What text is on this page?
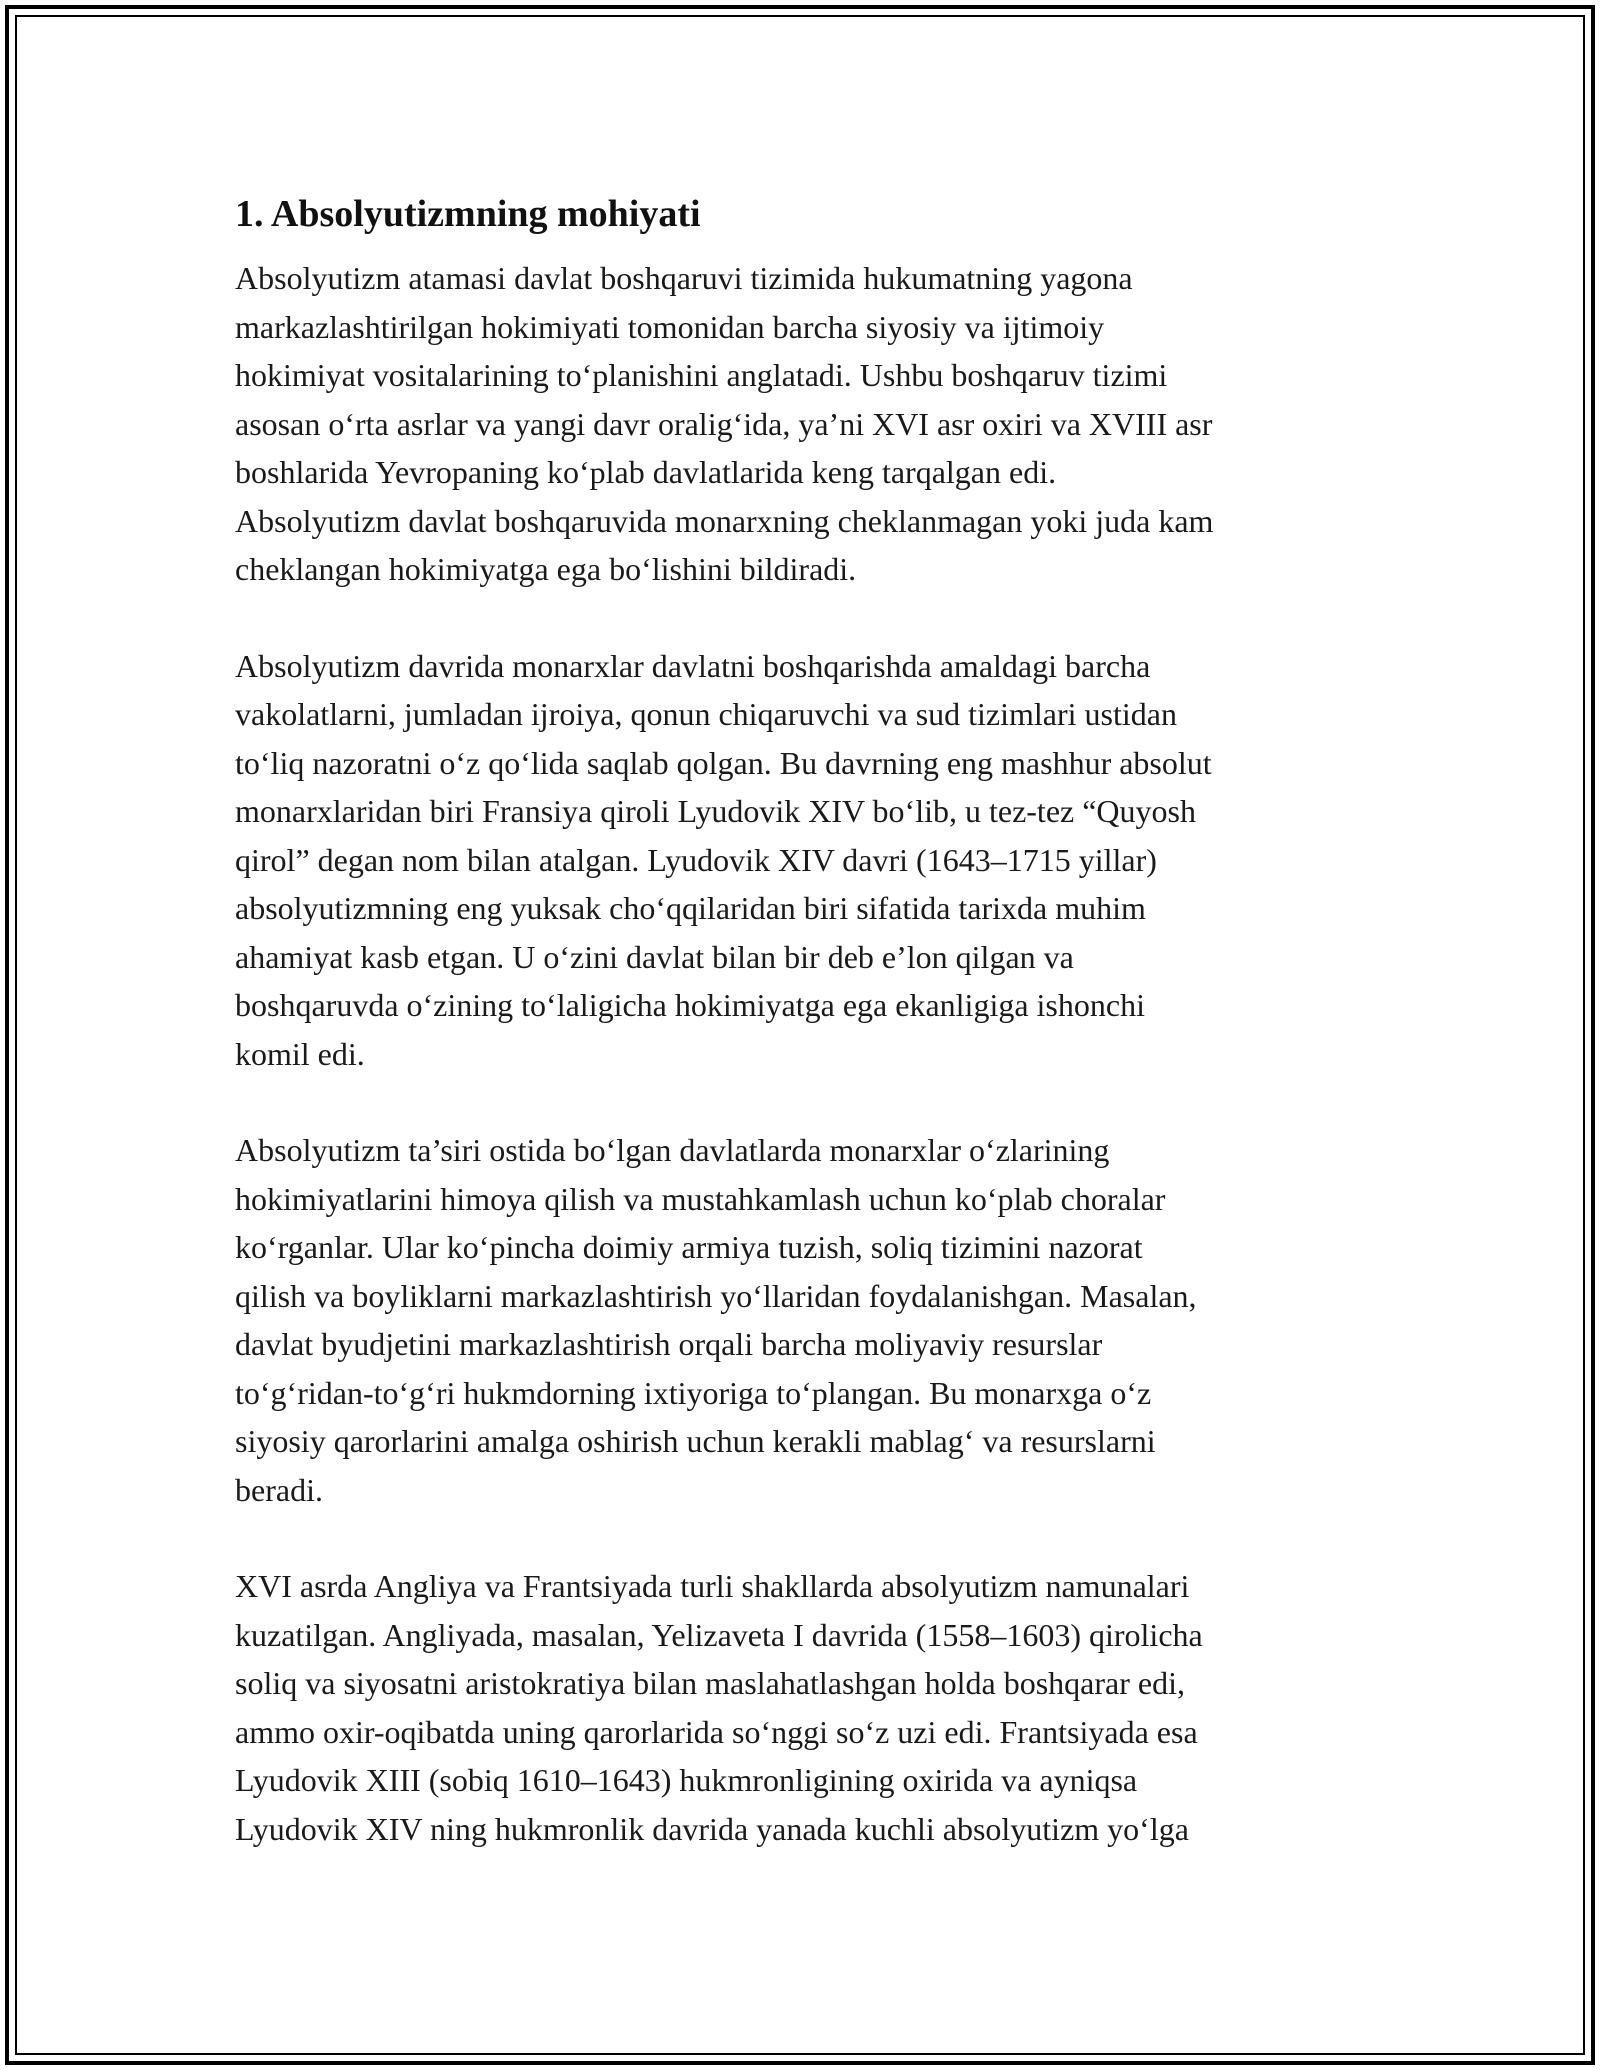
1. Absolyutizmning mohiyati

Absolyutizm atamasi davlat boshqaruvi tizimida hukumatning yagona
markazlashtirilgan hokimiyati tomonidan barcha siyosiy va ijtimoiy
hokimiyat vositalarining to‘planishini anglatadi. Ushbu boshqaruv tizimi
asosan o‘rta asrlar va yangi davr oralig‘ida, ya’ni XVI asr oxiri va XVIII asr
boshlarida Yevropaning ko‘plab davlatlarida keng tarqalgan edi.
Absolyutizm davlat boshqaruvida monarxning cheklanmagan yoki juda kam
cheklangan hokimiyatga ega bo‘lishini bildiradi.

Absolyutizm davrida monarxlar davlatni boshqarishda amaldagi barcha
vakolatlarni, jumladan ijroiya, qonun chiqaruvchi va sud tizimlari ustidan
to‘liq nazoratni o‘z qo‘lida saqlab qolgan. Bu davrning eng mashhur absolut
monarxlaridan biri Fransiya qiroli Lyudovik XIV bo‘lib, u tez-tez “Quyosh
qirol” degan nom bilan atalgan. Lyudovik XIV davri (1643–1715 yillar)
absolyutizmning eng yuksak cho‘qqilaridan biri sifatida tarixda muhim
ahamiyat kasb etgan. U o‘zini davlat bilan bir deb e’lon qilgan va
boshqaruvda o‘zining to‘laligicha hokimiyatga ega ekanligiga ishonchi
komil edi.

Absolyutizm ta’siri ostida bo‘lgan davlatlarda monarxlar o‘zlarining
hokimiyatlarini himoya qilish va mustahkamlash uchun ko‘plab choralar
ko‘rganlar. Ular ko‘pincha doimiy armiya tuzish, soliq tizimini nazorat
qilish va boyliklarni markazlashtirish yo‘llaridan foydalanishgan. Masalan,
davlat byudjetini markazlashtirish orqali barcha moliyaviy resurslar
to‘g‘ridan-to‘g‘ri hukmdorning ixtiyoriga to‘plangan. Bu monarxga o‘z
siyosiy qarorlarini amalga oshirish uchun kerakli mablag‘ va resurslarni
beradi.

XVI asrda Angliya va Frantsiyada turli shakllarda absolyutizm namunalari
kuzatilgan. Angliyada, masalan, Yelizaveta I davrida (1558–1603) qirolicha
soliq va siyosatni aristokratiya bilan maslahatlashgan holda boshqarar edi,
ammo oxir-oqibatda uning qarorlarida so‘nggi so‘z uzi edi. Frantsiyada esa
Lyudovik XIII (sobiq 1610–1643) hukmronligining oxirida va ayniqsa
Lyudovik XIV ning hukmronlik davrida yanada kuchli absolyutizm yo‘lga
